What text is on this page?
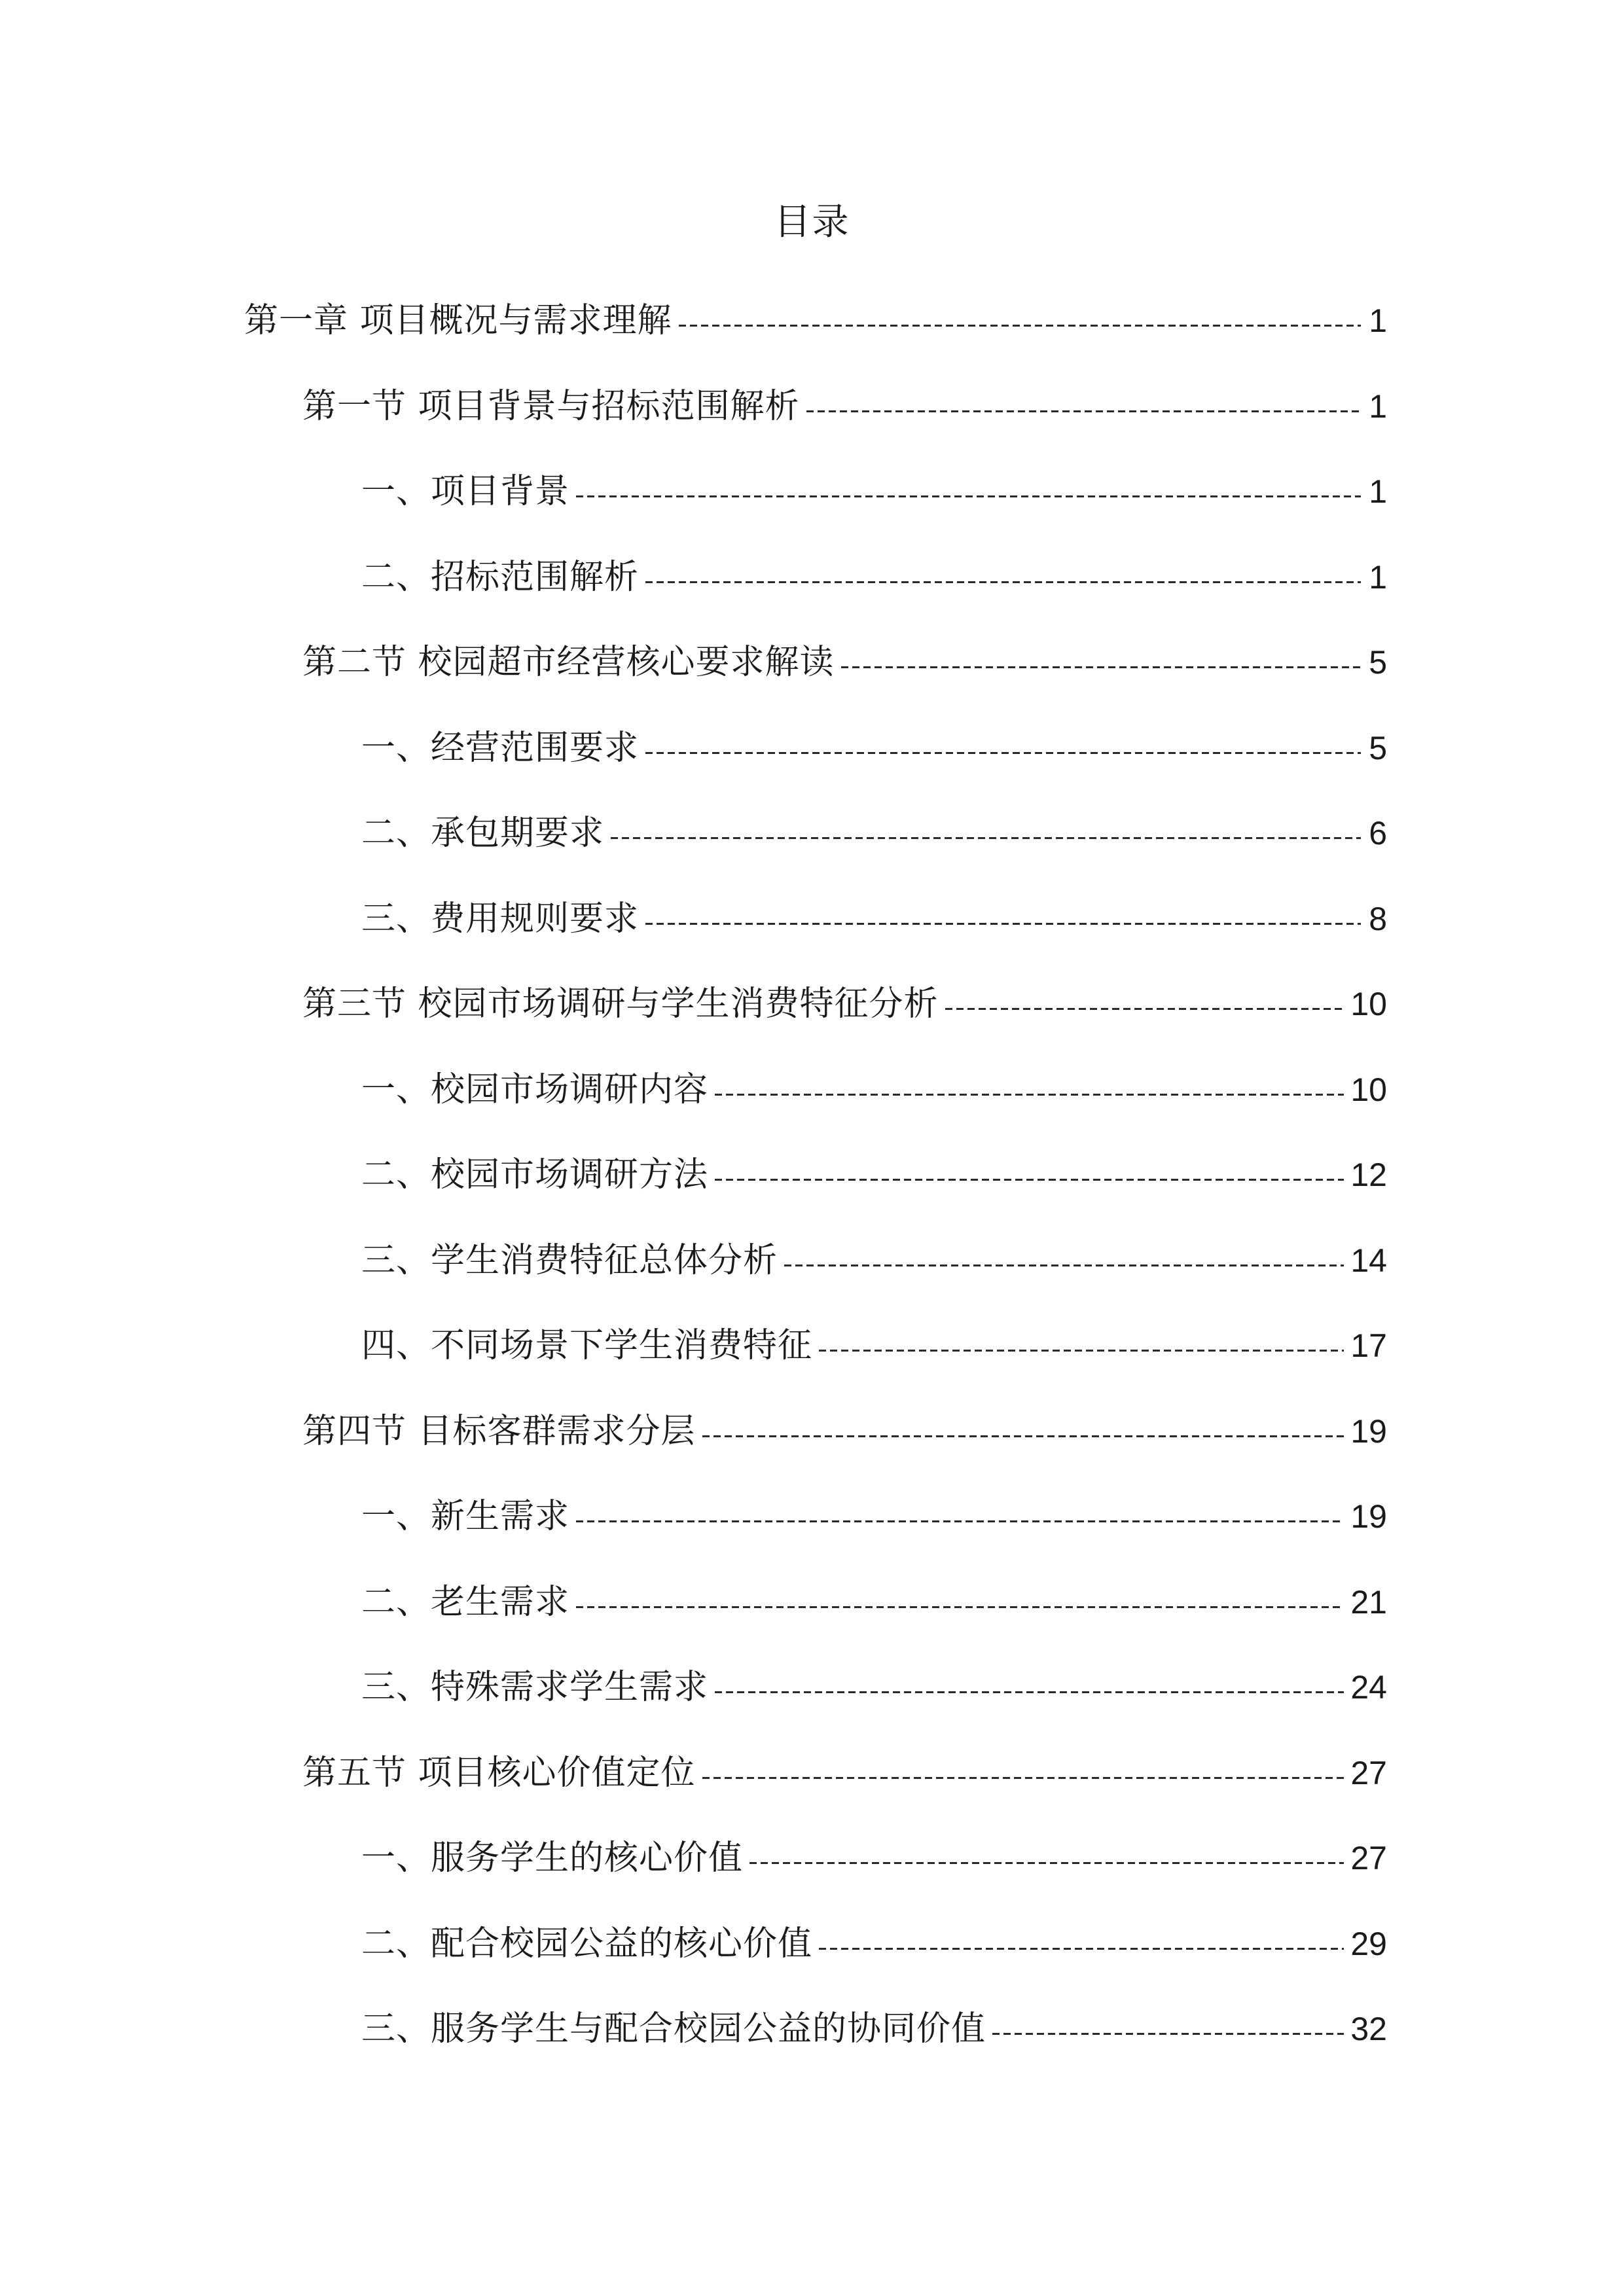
目录
第一章 项目概况与需求理解	1
第一节 项目背景与招标范围解析	1
一、项目背景	1
二、招标范围解析	1
第二节 校园超市经营核心要求解读	5
一、经营范围要求	5
二、承包期要求	6
三、费用规则要求	8
第三节 校园市场调研与学生消费特征分析	10
一、校园市场调研内容	10
二、校园市场调研方法	12
三、学生消费特征总体分析	14
四、不同场景下学生消费特征	17
第四节 目标客群需求分层	19
一、新生需求	19
二、老生需求	21
三、特殊需求学生需求	24
第五节 项目核心价值定位	27
一、服务学生的核心价值	27
二、配合校园公益的核心价值	29
三、服务学生与配合校园公益的协同价值	32
